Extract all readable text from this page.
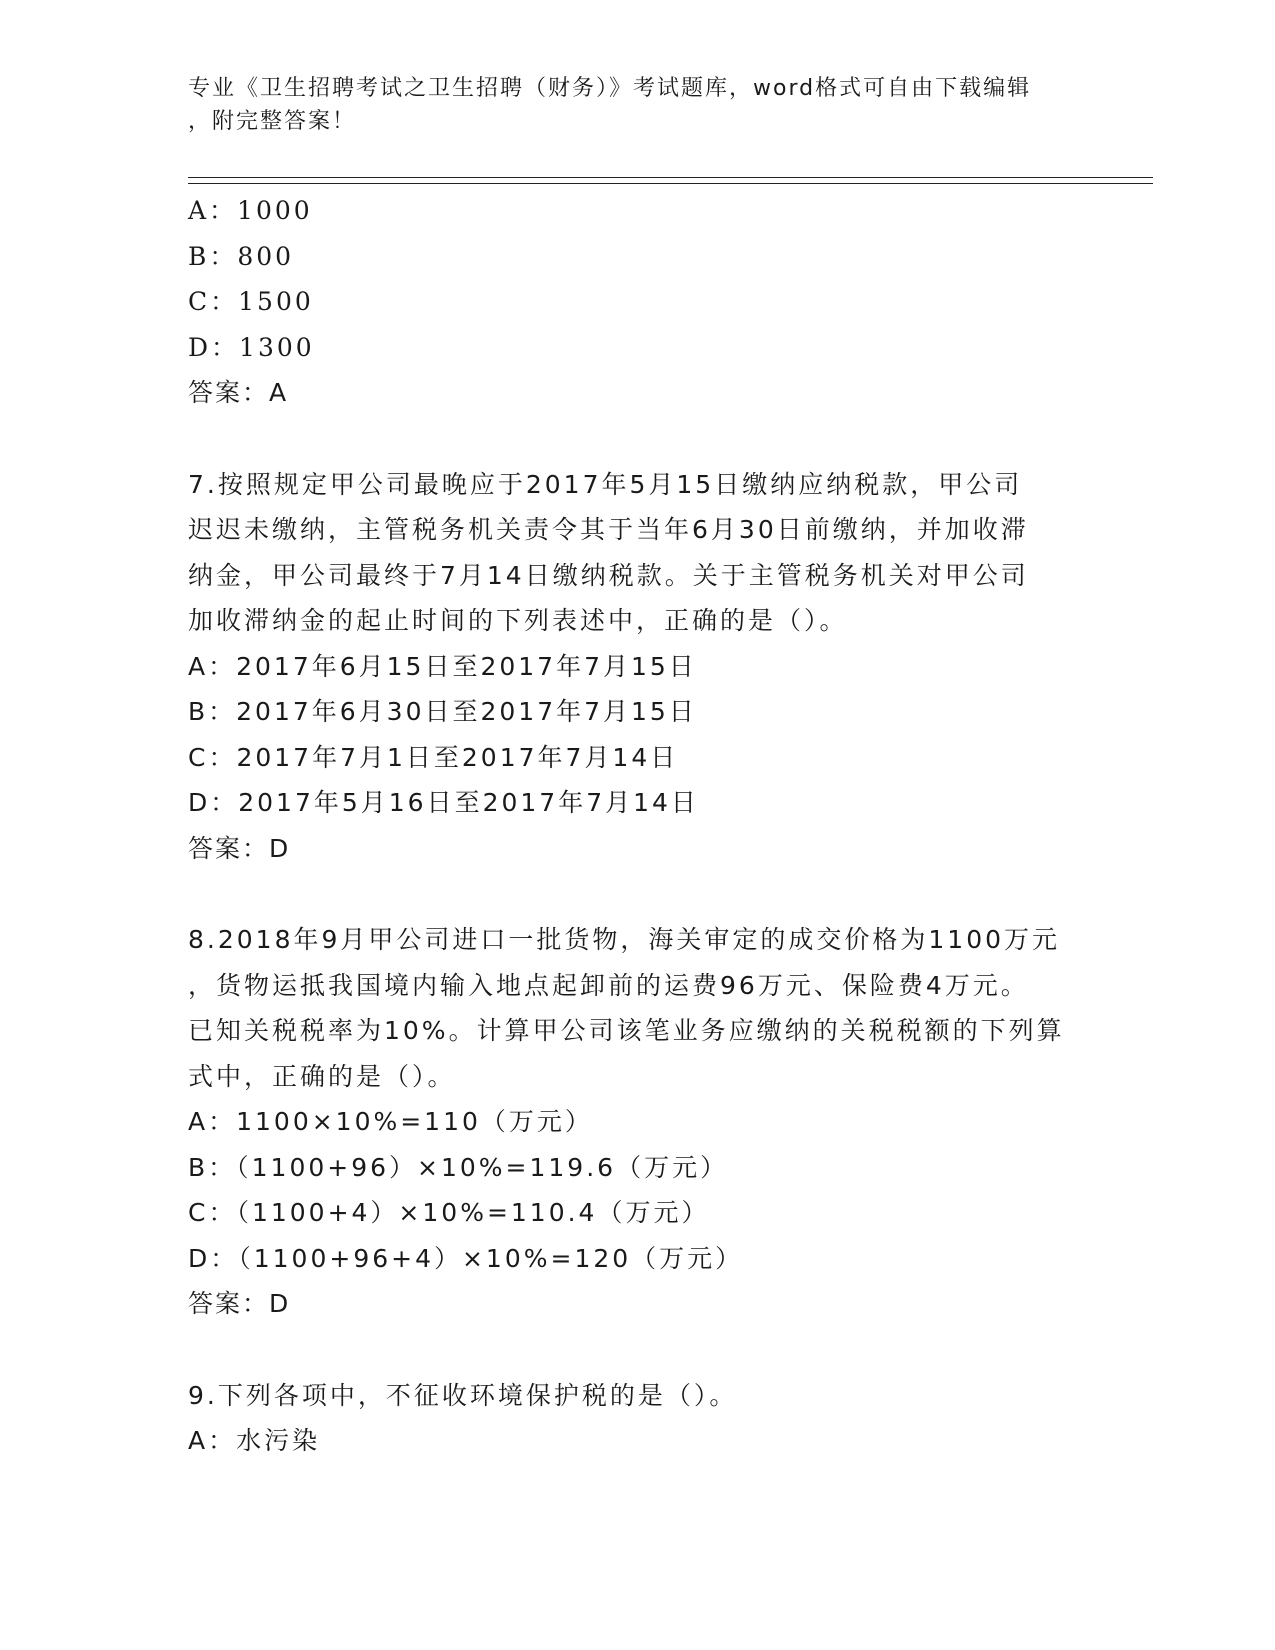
专业《卫生招聘考试之卫生招聘（财务）》考试题库，word格式可自由下载编辑
，附完整答案！

A：1000

B：800

C：1500

D：1300

答案：A

7.按照规定甲公司最晚应于2017年5月15日缴纳应纳税款，甲公司

迟迟未缴纳，主管税务机关责令其于当年6月30日前缴纳，并加收滞

纳金，甲公司最终于7月14日缴纳税款。关于主管税务机关对甲公司

加收滞纳金的起止时间的下列表述中，正确的是（）。

A：2017年6月15日至2017年7月15日

B：2017年6月30日至2017年7月15日

C：2017年7月1日至2017年7月14日

D：2017年5月16日至2017年7月14日

答案：D

8.2018年9月甲公司进口一批货物，海关审定的成交价格为1100万元

，货物运抵我国境内输入地点起卸前的运费96万元、保险费4万元。

已知关税税率为10%。计算甲公司该笔业务应缴纳的关税税额的下列算

式中，正确的是（）。

A：1100×10%=110（万元）

B：（1100+96）×10%=119.6（万元）

C：（1100+4）×10%=110.4（万元）

D：（1100+96+4）×10%=120（万元）

答案：D

9.下列各项中，不征收环境保护税的是（）。

A：水污染
